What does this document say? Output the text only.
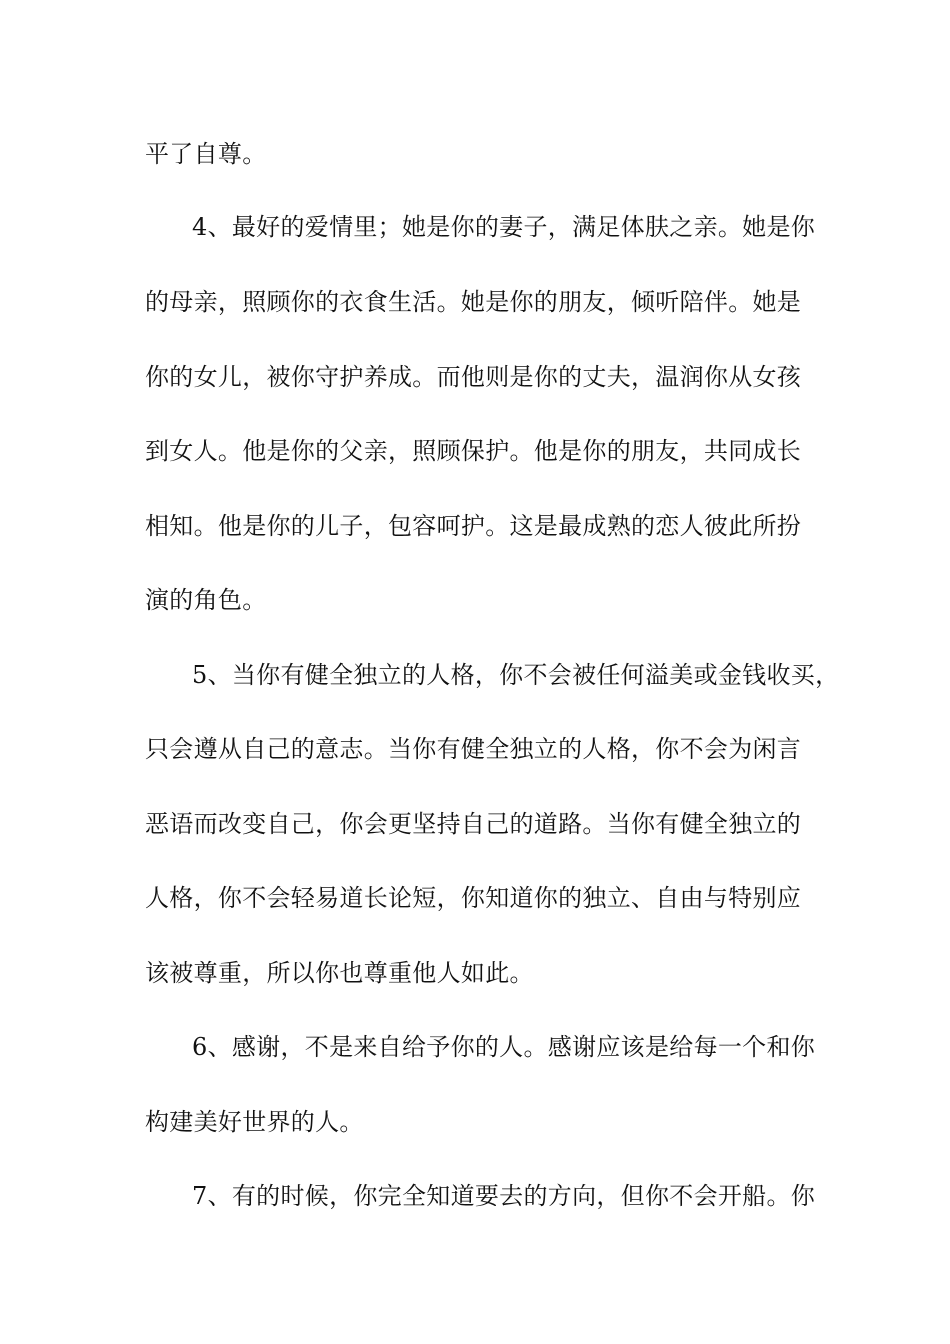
平了自尊。
4、最好的爱情里；她是你的妻子，满足体肤之亲。她是你
的母亲，照顾你的衣食生活。她是你的朋友，倾听陪伴。她是
你的女儿，被你守护养成。而他则是你的丈夫，温润你从女孩
到女人。他是你的父亲，照顾保护。他是你的朋友，共同成长
相知。他是你的儿子，包容呵护。这是最成熟的恋人彼此所扮
演的角色。
5、当你有健全独立的人格，你不会被任何溢美或金钱收买，
只会遵从自己的意志。当你有健全独立的人格，你不会为闲言
恶语而改变自己，你会更坚持自己的道路。当你有健全独立的
人格，你不会轻易道长论短，你知道你的独立、自由与特别应
该被尊重，所以你也尊重他人如此。
6、感谢，不是来自给予你的人。感谢应该是给每一个和你
构建美好世界的人。
7、有的时候，你完全知道要去的方向，但你不会开船。你
